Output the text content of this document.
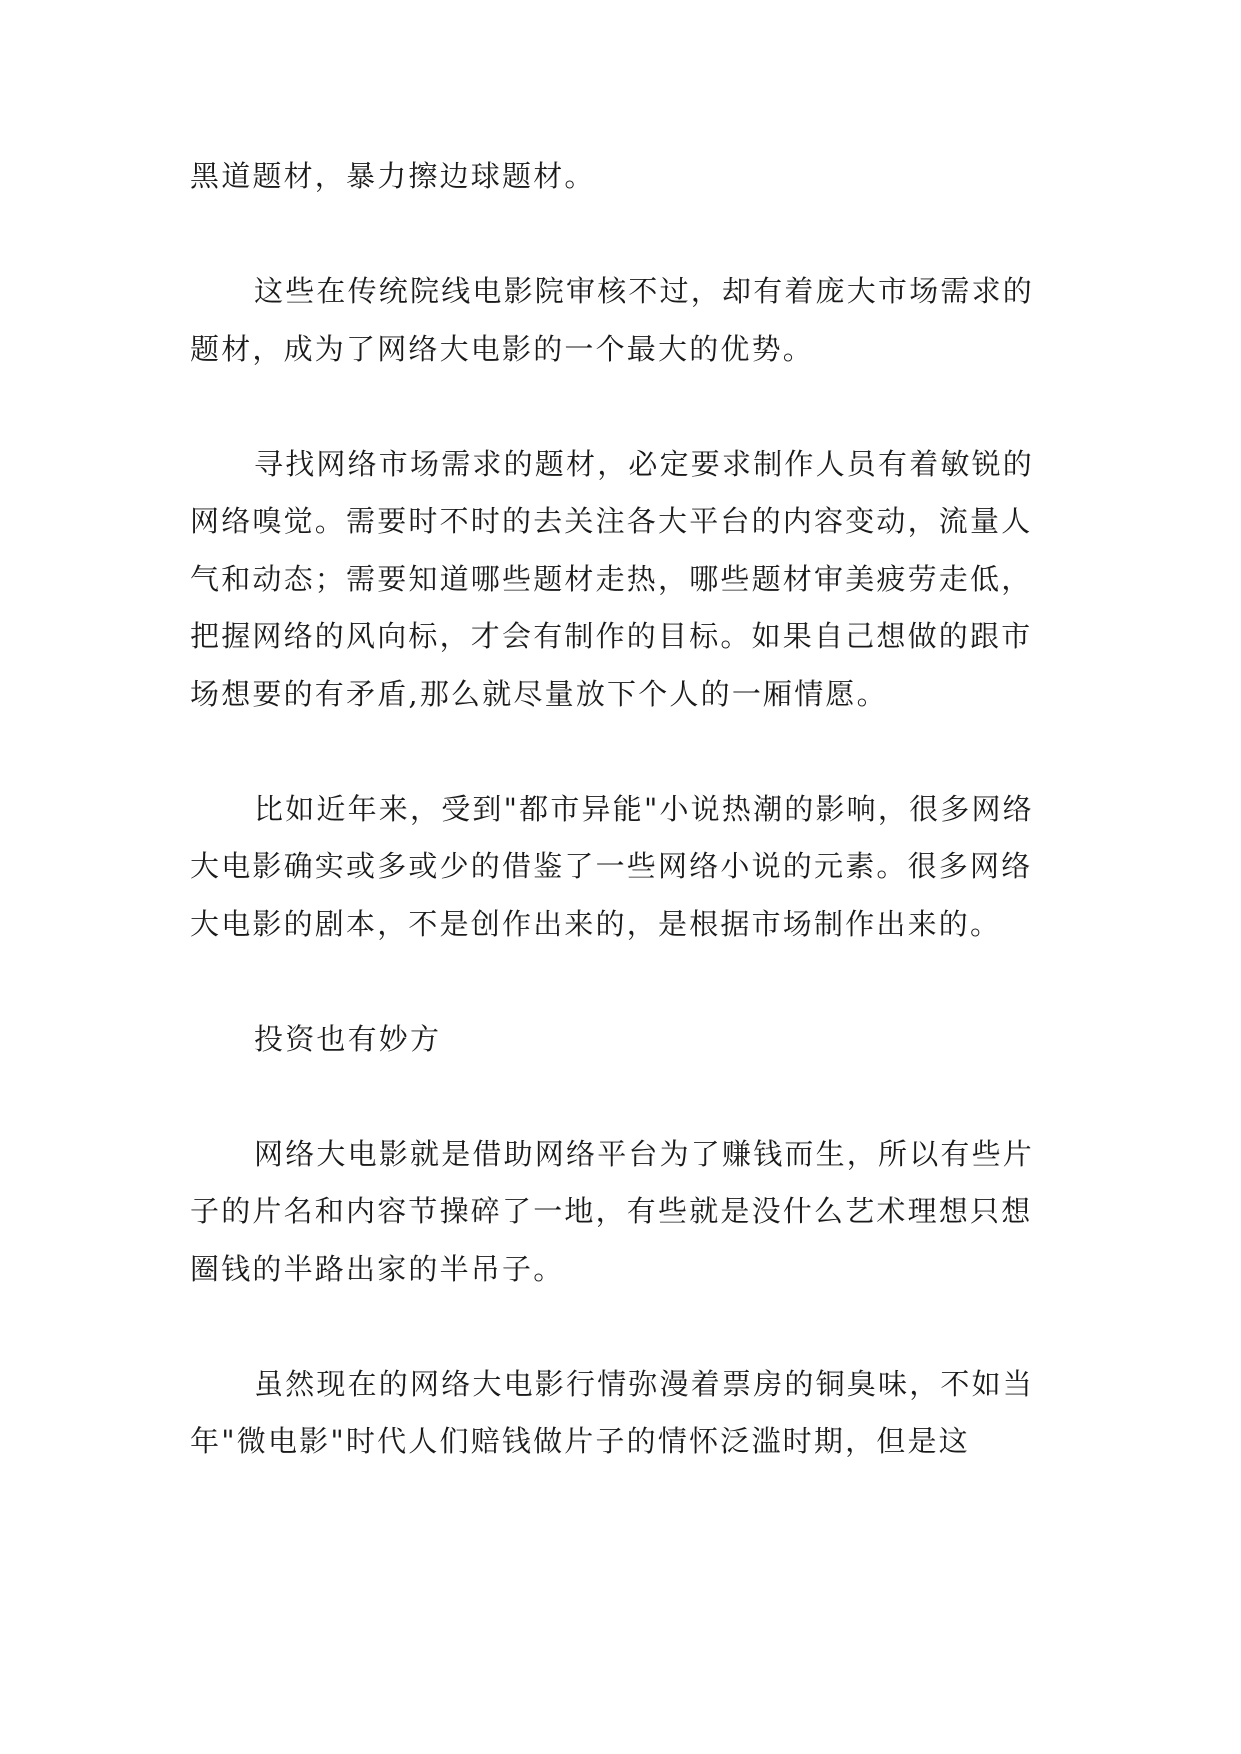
黑道题材，暴力擦边球题材。

这些在传统院线电影院审核不过，却有着庞大市场需求的题材，成为了网络大电影的一个最大的优势。

寻找网络市场需求的题材，必定要求制作人员有着敏锐的网络嗅觉。需要时不时的去关注各大平台的内容变动，流量人气和动态；需要知道哪些题材走热，哪些题材审美疲劳走低，把握网络的风向标，才会有制作的目标。如果自己想做的跟市场想要的有矛盾,那么就尽量放下个人的一厢情愿。

比如近年来，受到"都市异能"小说热潮的影响，很多网络大电影确实或多或少的借鉴了一些网络小说的元素。很多网络大电影的剧本，不是创作出来的，是根据市场制作出来的。

投资也有妙方

网络大电影就是借助网络平台为了赚钱而生，所以有些片子的片名和内容节操碎了一地，有些就是没什么艺术理想只想圈钱的半路出家的半吊子。

虽然现在的网络大电影行情弥漫着票房的铜臭味，不如当年"微电影"时代人们赔钱做片子的情怀泛滥时期，但是这
